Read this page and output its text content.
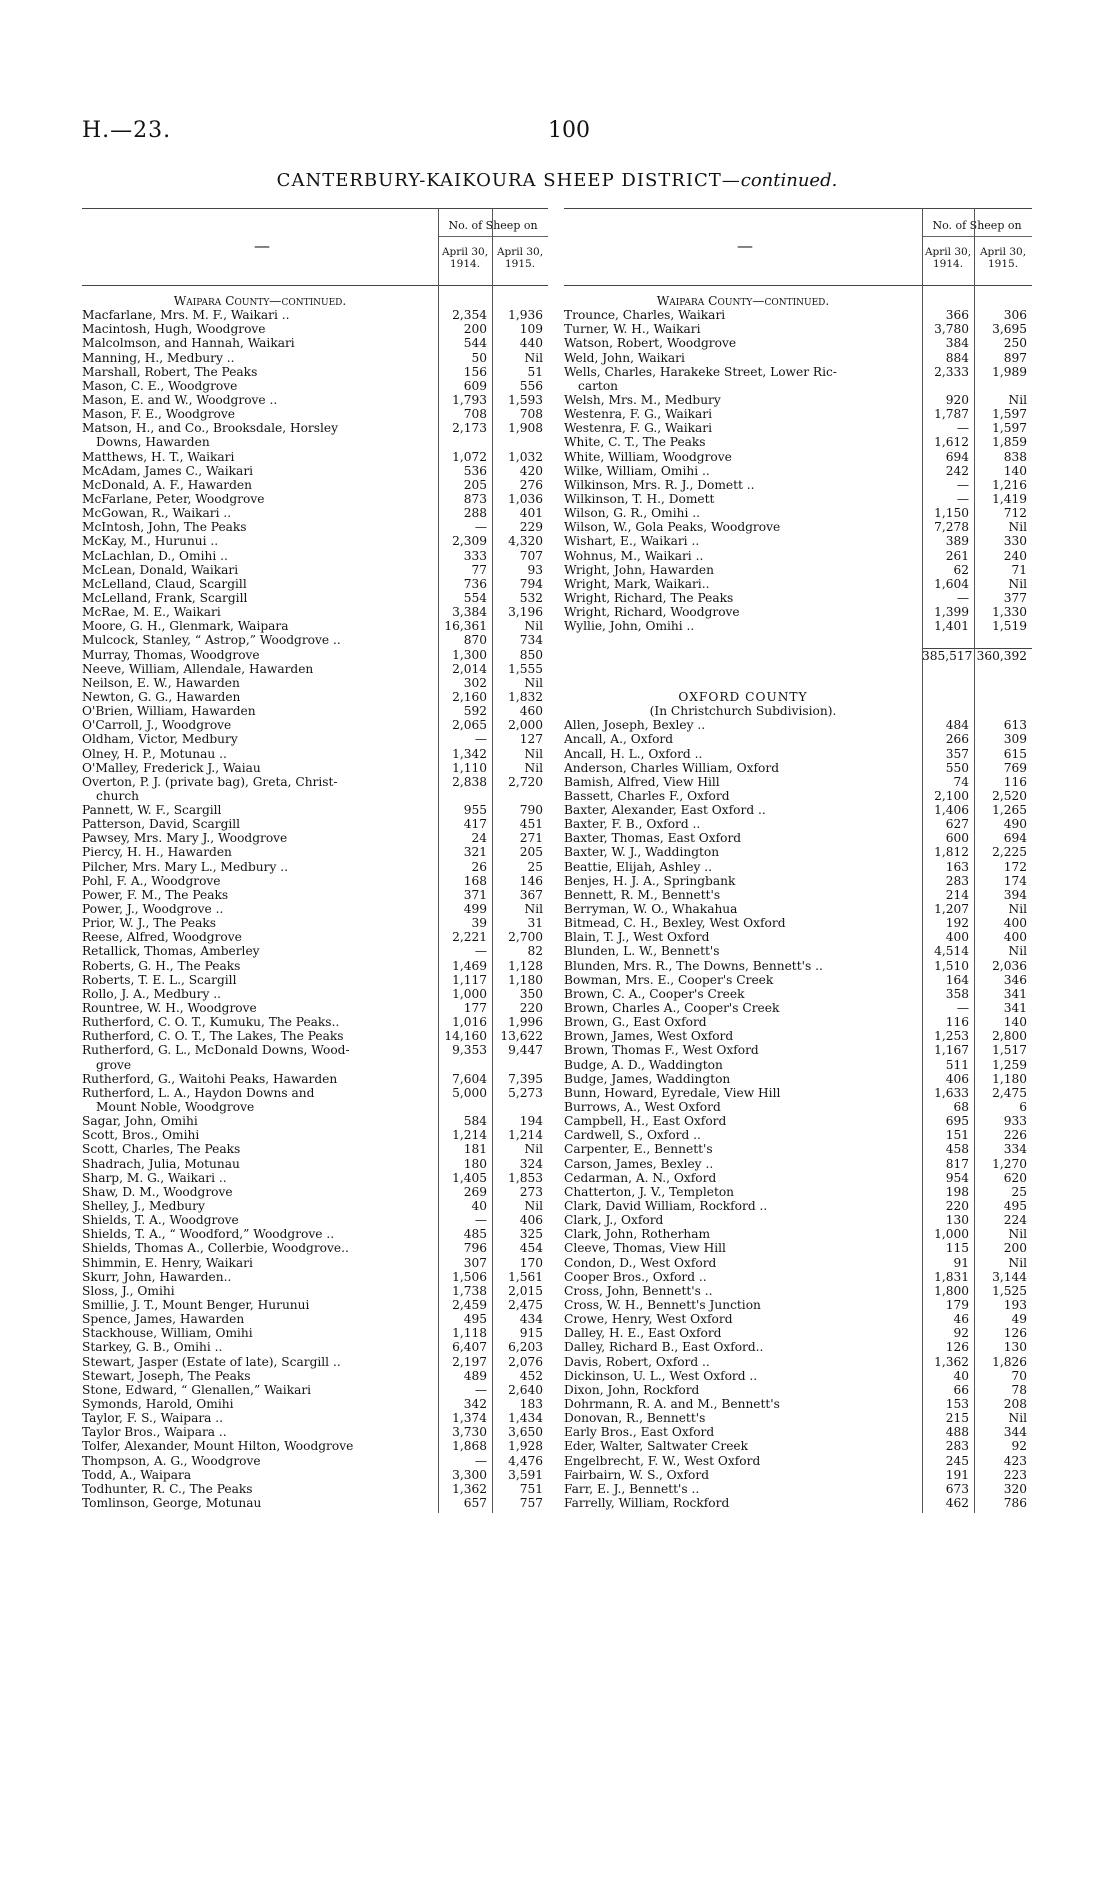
H.—23.	100
CANTERBURY-KAIKOURA SHEEP DISTRICT—continued.
—
No. of Sheep on
April 30,
1914.
April 30,
1915.
Waipara County—continued.
Macfarlane, Mrs. M. F., Waikari ..	2,354	1,936
Macintosh, Hugh, Woodgrove	200	109
Malcolmson, and Hannah, Waikari	544	440
Manning, H., Medbury ..	50	Nil
Marshall, Robert, The Peaks	156	51
Mason, C. E., Woodgrove	609	556
Mason, E. and W., Woodgrove ..	1,793	1,593
Mason, F. E., Woodgrove	708	708
Matson, H., and Co., Brooksdale, Horsley	2,173	1,908
Downs, Hawarden
Matthews, H. T., Waikari	1,072	1,032
McAdam, James C., Waikari	536	420
McDonald, A. F., Hawarden	205	276
McFarlane, Peter, Woodgrove	873	1,036
McGowan, R., Waikari ..	288	401
McIntosh, John, The Peaks	—	229
McKay, M., Hurunui ..	2,309	4,320
McLachlan, D., Omihi ..	333	707
McLean, Donald, Waikari	77	93
McLelland, Claud, Scargill	736	794
McLelland, Frank, Scargill	554	532
McRae, M. E., Waikari	3,384	3,196
Moore, G. H., Glenmark, Waipara	16,361	Nil
Mulcock, Stanley, “ Astrop,” Woodgrove ..	870	734
Murray, Thomas, Woodgrove	1,300	850
Neeve, William, Allendale, Hawarden	2,014	1,555
Neilson, E. W., Hawarden	302	Nil
Newton, G. G., Hawarden	2,160	1,832
O'Brien, William, Hawarden	592	460
O'Carroll, J., Woodgrove	2,065	2,000
Oldham, Victor, Medbury	—	127
Olney, H. P., Motunau ..	1,342	Nil
O'Malley, Frederick J., Waiau	1,110	Nil
Overton, P. J. (private bag), Greta, Christ-	2,838	2,720
church
Pannett, W. F., Scargill	955	790
Patterson, David, Scargill	417	451
Pawsey, Mrs. Mary J., Woodgrove	24	271
Piercy, H. H., Hawarden	321	205
Pilcher, Mrs. Mary L., Medbury ..	26	25
Pohl, F. A., Woodgrove	168	146
Power, F. M., The Peaks	371	367
Power, J., Woodgrove ..	499	Nil
Prior, W. J., The Peaks	39	31
Reese, Alfred, Woodgrove	2,221	2,700
Retallick, Thomas, Amberley	—	82
Roberts, G. H., The Peaks	1,469	1,128
Roberts, T. E. L., Scargill	1,117	1,180
Rollo, J. A., Medbury ..	1,000	350
Rountree, W. H., Woodgrove	177	220
Rutherford, C. O. T., Kumuku, The Peaks..	1,016	1,996
Rutherford, C. O. T., The Lakes, The Peaks	14,160	13,622
Rutherford, G. L., McDonald Downs, Wood-	9,353	9,447
grove
Rutherford, G., Waitohi Peaks, Hawarden	7,604	7,395
Rutherford, L. A., Haydon Downs and	5,000	5,273
Mount Noble, Woodgrove
Sagar, John, Omihi	584	194
Scott, Bros., Omihi	1,214	1,214
Scott, Charles, The Peaks	181	Nil
Shadrach, Julia, Motunau	180	324
Sharp, M. G., Waikari ..	1,405	1,853
Shaw, D. M., Woodgrove	269	273
Shelley, J., Medbury	40	Nil
Shields, T. A., Woodgrove	—	406
Shields, T. A., “ Woodford,” Woodgrove ..	485	325
Shields, Thomas A., Collerbie, Woodgrove..	796	454
Shimmin, E. Henry, Waikari	307	170
Skurr, John, Hawarden..	1,506	1,561
Sloss, J., Omihi	1,738	2,015
Smillie, J. T., Mount Benger, Hurunui	2,459	2,475
Spence, James, Hawarden	495	434
Stackhouse, William, Omihi	1,118	915
Starkey, G. B., Omihi ..	6,407	6,203
Stewart, Jasper (Estate of late), Scargill ..	2,197	2,076
Stewart, Joseph, The Peaks	489	452
Stone, Edward, “ Glenallen,” Waikari	—	2,640
Symonds, Harold, Omihi	342	183
Taylor, F. S., Waipara ..	1,374	1,434
Taylor Bros., Waipara ..	3,730	3,650
Tolfer, Alexander, Mount Hilton, Woodgrove	1,868	1,928
Thompson, A. G., Woodgrove	—	4,476
Todd, A., Waipara	3,300	3,591
Todhunter, R. C., The Peaks	1,362	751
Tomlinson, George, Motunau	657	757
—
No. of Sheep on
April 30,
1914.
April 30,
1915.
Waipara County—continued.
Trounce, Charles, Waikari	366	306
Turner, W. H., Waikari	3,780	3,695
Watson, Robert, Woodgrove	384	250
Weld, John, Waikari	884	897
Wells, Charles, Harakeke Street, Lower Ric-	2,333	1,989
carton
Welsh, Mrs. M., Medbury	920	Nil
Westenra, F. G., Waikari	1,787	1,597
Westenra, F. G., Waikari	—	1,597
White, C. T., The Peaks	1,612	1,859
White, William, Woodgrove	694	838
Wilke, William, Omihi ..	242	140
Wilkinson, Mrs. R. J., Domett ..	—	1,216
Wilkinson, T. H., Domett	—	1,419
Wilson, G. R., Omihi ..	1,150	712
Wilson, W., Gola Peaks, Woodgrove	7,278	Nil
Wishart, E., Waikari ..	389	330
Wohnus, M., Waikari ..	261	240
Wright, John, Hawarden	62	71
Wright, Mark, Waikari..	1,604	Nil
Wright, Richard, The Peaks	—	377
Wright, Richard, Woodgrove	1,399	1,330
Wyllie, John, Omihi ..	1,401	1,519
385,517 360,392
OXFORD COUNTY
(In Christchurch Subdivision).
Allen, Joseph, Bexley ..	484	613
Ancall, A., Oxford	266	309
Ancall, H. L., Oxford ..	357	615
Anderson, Charles William, Oxford	550	769
Bamish, Alfred, View Hill	74	116
Bassett, Charles F., Oxford	2,100	2,520
Baxter, Alexander, East Oxford ..	1,406	1,265
Baxter, F. B., Oxford ..	627	490
Baxter, Thomas, East Oxford	600	694
Baxter, W. J., Waddington	1,812	2,225
Beattie, Elijah, Ashley ..	163	172
Benjes, H. J. A., Springbank	283	174
Bennett, R. M., Bennett's	214	394
Berryman, W. O., Whakahua	1,207	Nil
Bitmead, C. H., Bexley, West Oxford	192	400
Blain, T. J., West Oxford	400	400
Blunden, L. W., Bennett's	4,514	Nil
Blunden, Mrs. R., The Downs, Bennett's ..	1,510	2,036
Bowman, Mrs. E., Cooper's Creek	164	346
Brown, C. A., Cooper's Creek	358	341
Brown, Charles A., Cooper's Creek	—	341
Brown, G., East Oxford	116	140
Brown, James, West Oxford	1,253	2,800
Brown, Thomas F., West Oxford	1,167	1,517
Budge, A. D., Waddington	511	1,259
Budge, James, Waddington	406	1,180
Bunn, Howard, Eyredale, View Hill	1,633	2,475
Burrows, A., West Oxford	68	6
Campbell, H., East Oxford	695	933
Cardwell, S., Oxford ..	151	226
Carpenter, E., Bennett's	458	334
Carson, James, Bexley ..	817	1,270
Cedarman, A. N., Oxford	954	620
Chatterton, J. V., Templeton	198	25
Clark, David William, Rockford ..	220	495
Clark, J., Oxford	130	224
Clark, John, Rotherham	1,000	Nil
Cleeve, Thomas, View Hill	115	200
Condon, D., West Oxford	91	Nil
Cooper Bros., Oxford ..	1,831	3,144
Cross, John, Bennett's ..	1,800	1,525
Cross, W. H., Bennett's Junction	179	193
Crowe, Henry, West Oxford	46	49
Dalley, H. E., East Oxford	92	126
Dalley, Richard B., East Oxford..	126	130
Davis, Robert, Oxford ..	1,362	1,826
Dickinson, U. L., West Oxford ..	40	70
Dixon, John, Rockford	66	78
Dohrmann, R. A. and M., Bennett's	153	208
Donovan, R., Bennett's	215	Nil
Early Bros., East Oxford	488	344
Eder, Walter, Saltwater Creek	283	92
Engelbrecht, F. W., West Oxford	245	423
Fairbairn, W. S., Oxford	191	223
Farr, E. J., Bennett's ..	673	320
Farrelly, William, Rockford	462	786
